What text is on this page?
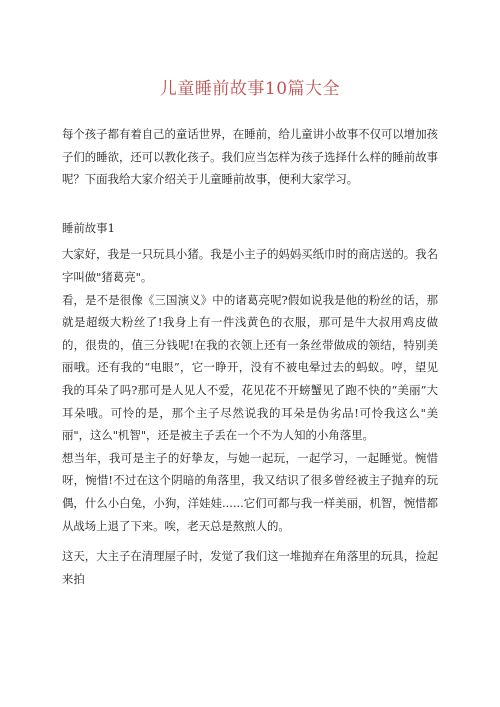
儿童睡前故事10篇大全

每个孩子都有着自己的童话世界，在睡前，给儿童讲小故事不仅可以增加孩子们的睡欲，还可以教化孩子。我们应当怎样为孩子选择什么样的睡前故事呢？下面我给大家介绍关于儿童睡前故事，便利大家学习。

睡前故事1

大家好，我是一只玩具小猪。我是小主子的妈妈买纸巾时的商店送的。我名字叫做"猪葛亮"。

看，是不是很像《三国演义》中的诸葛亮呢?假如说我是他的粉丝的话，那就是超级大粉丝了!我身上有一件浅黄色的衣服，那可是牛大叔用鸡皮做的，很贵的，值三分钱呢!在我的衣领上还有一条丝带做成的领结，特别美丽哦。还有我的“电眼”，它一睁开，没有不被电晕过去的蚂蚁。哼，望见我的耳朵了吗?那可是人见人不爱，花见花不开螃蟹见了跑不快的“美丽”大耳朵哦。可怜的是，那个主子尽然说我的耳朵是伪劣品!可怜我这么"美丽"，这么"机智"，还是被主子丢在一个不为人知的小角落里。

想当年，我可是主子的好挚友，与她一起玩，一起学习，一起睡觉。惋惜呀，惋惜!不过在这个阴暗的角落里，我又结识了很多曾经被主子抛弃的玩偶，什么小白兔，小狗，洋娃娃......它们可都与我一样美丽，机智，惋惜都从战场上退了下来。唉，老天总是熬煎人的。

这天，大主子在清理屋子时，发觉了我们这一堆抛弃在角落里的玩具，捡起来拍
